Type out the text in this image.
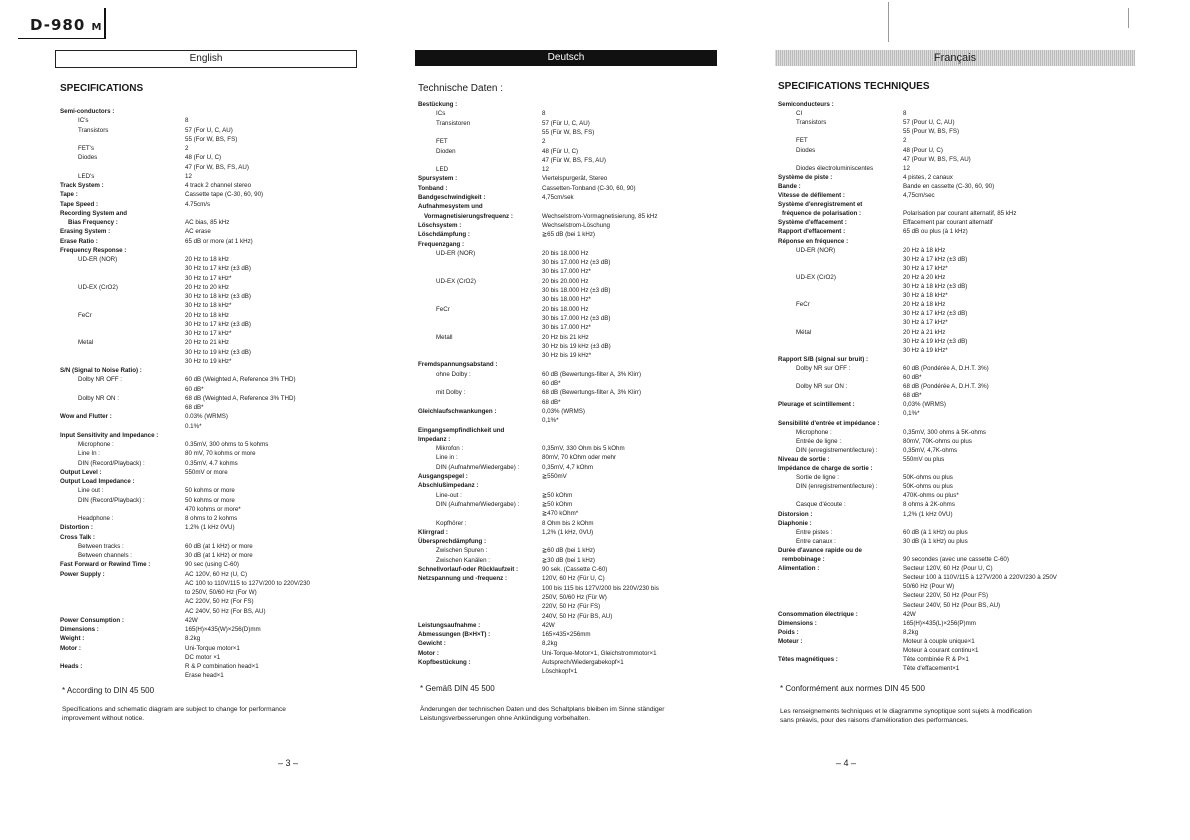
D-980 M
English	Deutsch	Français
SPECIFICATIONS	Technische Daten :	SPECIFICATIONS TECHNIQUES
Semi-conductors :
IC's	8
Transistors	57 (For U, C, AU)
55 (For W, BS, FS)
FET's	2
Diodes	48 (For U, C)
47 (For W, BS, FS, AU)
LED's	12
Track System :	4 track 2 channel stereo
Tape :	Cassette tape (C-30, 60, 90)
Tape Speed :	4.75cm/s
Recording System and
Bias Frequency :	AC bias, 85 kHz
Erasing System :	AC erase
Erase Ratio :	65 dB or more (at 1 kHz)
Frequency Response :
UD-ER (NOR)	20 Hz to 18 kHz
30 Hz to 17 kHz (±3 dB)
30 Hz to 17 kHz*
UD-EX (CrO2)	20 Hz to 20 kHz
30 Hz to 18 kHz (±3 dB)
30 Hz to 18 kHz*
FeCr	20 Hz to 18 kHz
30 Hz to 17 kHz (±3 dB)
30 Hz to 17 kHz*
Metal	20 Hz to 21 kHz
30 Hz to 19 kHz (±3 dB)
30 Hz to 19 kHz*
S/N (Signal to Noise Ratio) :
Dolby NR OFF :	60 dB (Weighted A, Reference 3% THD)
60 dB*
Dolby NR ON :	68 dB (Weighted A, Reference 3% THD)
68 dB*
Wow and Flutter :	0.03% (WRMS)
0.1%*
Input Sensitivity and Impedance :
Microphone :	0.35mV, 300 ohms to 5 kohms
Line In :	80 mV, 70 kohms or more
DIN (Record/Playback) :	0.35mV, 4.7 kohms
Output Level :	550mV or more
Output Load Impedance :
Line out :	50 kohms or more
DIN (Record/Playback) :	50 kohms or more
470 kohms or more*
Headphone :	8 ohms to 2 kohms
Distortion :	1.2% (1 kHz 0VU)
Cross Talk :
Between tracks :	60 dB (at 1 kHz) or more
Between channels :	30 dB (at 1 kHz) or more
Fast Forward or Rewind Time :	90 sec (using C-60)
Power Supply :	AC 120V, 60 Hz (U, C)
AC 100 to 110V/115 to 127V/200 to 220V/230
to 250V, 50/60 Hz (For W)
AC 220V, 50 Hz (For FS)
AC 240V, 50 Hz (For BS, AU)
Power Consumption :	42W
Dimensions :	165(H)×435(W)×256(D)mm
Weight :	8.2kg
Motor :	Uni-Torque motor×1
DC motor ×1
Heads :	R & P combination head×1
Erase head×1
Bestückung :
ICs	8
Transistoren	57 (Für U, C, AU)
55 (Für W, BS, FS)
FET	2
Dioden	48 (Für U, C)
47 (Für W, BS, FS, AU)
LED	12
Spursystem :	Viertelspurgerät, Stereo
Tonband :	Cassetten-Tonband (C-30, 60, 90)
Bandgeschwindigkeit :	4,75cm/sek
Aufnahmesystem und
Vormagnetisierungsfrequenz :	Wechselstrom-Vormagnetisierung, 85 kHz
Löschsystem :	Wechselstrom-Löschung
Löschdämpfung :	≧65 dB (bei 1 kHz)
Frequenzgang :
UD-ER (NOR)	20 bis 18.000 Hz
30 bis 17.000 Hz (±3 dB)
30 bis 17.000 Hz*
UD-EX (CrO2)	20 bis 20.000 Hz
30 bis 18.000 Hz (±3 dB)
30 bis 18.000 Hz*
FeCr	20 bis 18.000 Hz
30 bis 17.000 Hz (±3 dB)
30 bis 17.000 Hz*
Metall	20 Hz bis 21 kHz
30 Hz bis 19 kHz (±3 dB)
30 Hz bis 19 kHz*
Fremdspannungsabstand :
ohne Dolby :	60 dB (Bewertungs-filter A, 3% Klirr)
60 dB*
mit Dolby :	68 dB (Bewertungs-filter A, 3% Klirr)
68 dB*
Gleichlaufschwankungen :	0,03% (WRMS)
0,1%*
Eingangsempfindlichkeit und
Impedanz :
Mikrofon :	0,35mV, 330 Ohm bis 5 kOhm
Line in :	80mV, 70 kOhm oder mehr
DIN (Aufnahme/Wiedergabe) :	0,35mV, 4,7 kOhm
Ausgangspegel :	≧550mV
Abschlußimpedanz :
Line-out :	≧50 kOhm
DIN (Aufnahme/Wiedergabe) :	≧50 kOhm
≧470 kOhm*
Kopfhörer :	8 Ohm bis 2 kOhm
Klirrgrad :	1,2% (1 kHz, 0VU)
Übersprechdämpfung :
Zwischen Spuren :	≧60 dB (bei 1 kHz)
Zwischen Kanälen :	≧30 dB (bei 1 kHz)
Schnellvorlauf-oder Rücklaufzeit :	90 sek. (Cassette C-60)
Netzspannung und -frequenz :	120V, 60 Hz (Für U, C)
100 bis 115 bis 127V/200 bis 220V/230 bis
250V, 50/60 Hz (Für W)
220V, 50 Hz (Für FS)
240V, 50 Hz (Für BS, AU)
Leistungsaufnahme :	42W
Abmessungen (B×H×T) :	165×435×256mm
Gewicht :	8,2kg
Motor :	Uni-Torque-Motor×1, Gleichstrommotor×1
Kopfbestückung :	Autsprech/Wiedergabekopf×1
Löschkopf×1
Semiconducteurs :
CI	8
Transistors	57 (Pour U, C, AU)
55 (Pour W, BS, FS)
FET	2
Diodes	48 (Pour U, C)
47 (Pour W, BS, FS, AU)
Diodes électroluminiscentes	12
Système de piste :	4 pistes, 2 canaux
Bande :	Bande en cassette (C-30, 60, 90)
Vitesse de défilement :	4,75cm/sec
Système d'enregistrement et
fréquence de polarisation :	Polarisation par courant alternatif, 85 kHz
Système d'effacement :	Effacement par courant alternatif
Rapport d'effacement :	65 dB ou plus (à 1 kHz)
Réponse en fréquence :
UD-ER (NOR)	20 Hz à 18 kHz
30 Hz à 17 kHz (±3 dB)
30 Hz à 17 kHz*
UD-EX (CrO2)	20 Hz à 20 kHz
30 Hz à 18 kHz (±3 dB)
30 Hz à 18 kHz*
FeCr	20 Hz à 18 kHz
30 Hz à 17 kHz (±3 dB)
30 Hz à 17 kHz*
Métal	20 Hz à 21 kHz
30 Hz à 19 kHz (±3 dB)
30 Hz à 19 kHz*
Rapport S/B (signal sur bruit) :
Dolby NR sur OFF :	60 dB (Pondérée A, D.H.T. 3%)
60 dB*
Dolby NR sur ON :	68 dB (Pondérée A, D.H.T. 3%)
68 dB*
Pleurage et scintillement :	0,03% (WRMS)
0,1%*
Sensibilité d'entrée et impédance :
Microphone :	0,35mV, 300 ohms à 5K-ohms
Entrée de ligne :	80mV, 70K-ohms ou plus
DIN (enregistrement/lecture) :	0,35mV, 4,7K-ohms
Niveau de sortie :	550mV ou plus
Impédance de charge de sortie :
Sortie de ligne :	50K-ohms ou plus
DIN (enregistrement/lecture) :	50K-ohms ou plus
470K-ohms ou plus*
Casque d'écoute :	8 ohms à 2K-ohms
Distorsion :	1,2% (1 kHz 0VU)
Diaphonie :
Entre pistes :	60 dB (à 1 kHz) ou plus
Entre canaux :	30 dB (à 1 kHz) ou plus
Durée d'avance rapide ou de
rembobinage :	90 secondes (avec une cassette C-60)
Alimentation :	Secteur 120V, 60 Hz (Pour U, C)
Secteur 100 à 110V/115 à 127V/200 à 220V/230 à 250V
50/60 Hz (Pour W)
Secteur 220V, 50 Hz (Pour FS)
Secteur 240V, 50 Hz (Pour BS, AU)
Consommation électrique :	42W
Dimensions :	165(H)×435(L)×256(P)mm
Poids :	8,2kg
Moteur :	Moteur à couple unique×1
Moteur à courant continu×1
Têtes magnétiques :	Tête combinée R & P×1
Tête d'effacement×1
* According to DIN 45 500	* Gemäß DIN 45 500	* Conformément aux normes DIN 45 500
Specifications and schematic diagram are subject to change for performance
improvement without notice.
Änderungen der technischen Daten und des Schaltplans bleiben im Sinne ständiger
Leistungsverbesserungen ohne Ankündigung vorbehalten.
Les renseignements techniques et le diagramme synoptique sont sujets à modification
sans préavis, pour des raisons d'amélioration des performances.
– 3 –	– 4 –
